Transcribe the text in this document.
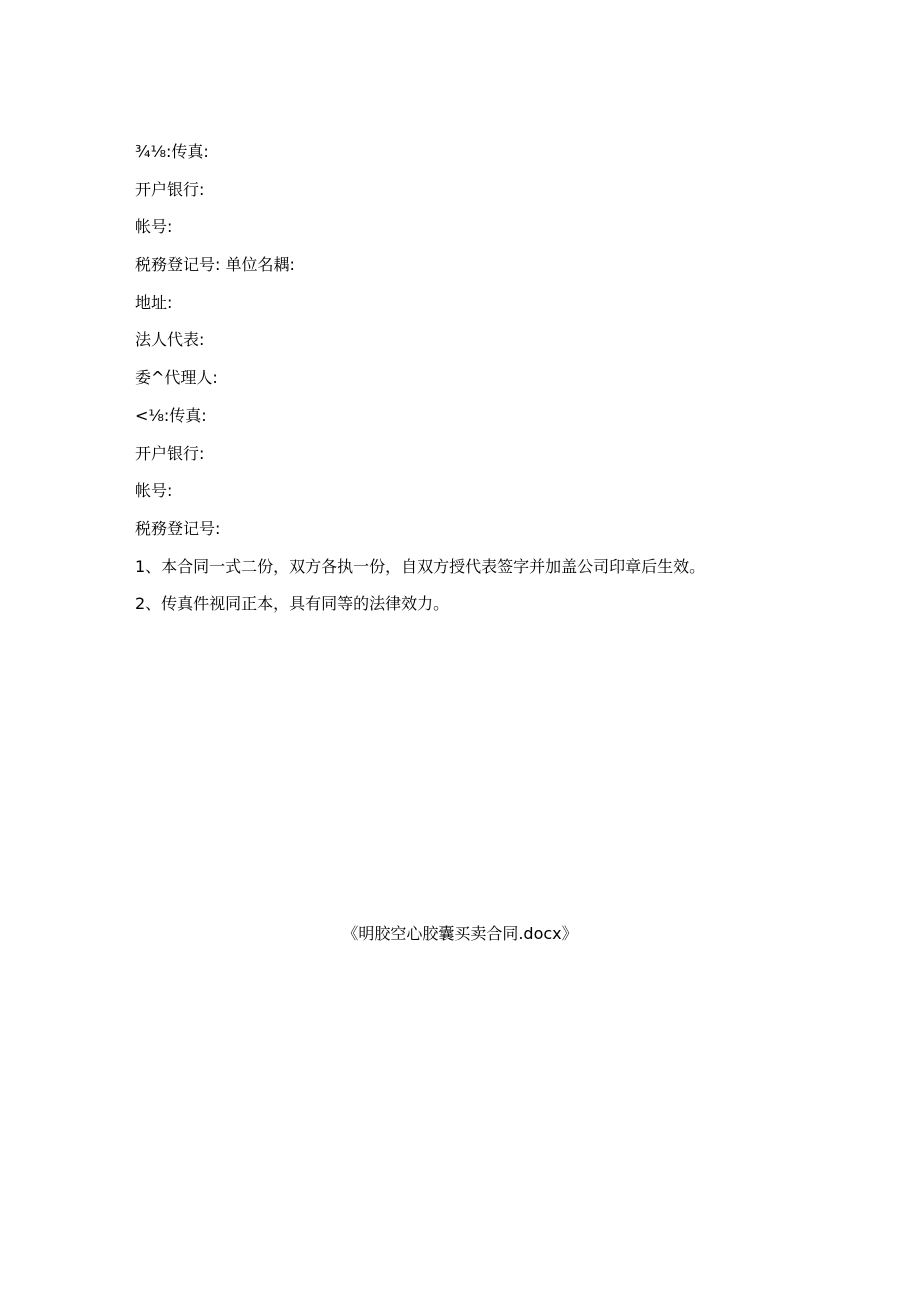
¾⅛:传真:
开户银行:
帐号:
税務登记号: 单位名耦:
地址:
法人代表:
委^代理人:
<⅛:传真:
开户银行:
帐号:
税務登记号:
1、本合同一式二份，双方各执一份，自双方授代表签字并加盖公司印章后生效。
2、传真件视同正本，具有同等的法律效力。
《明胶空心胶囊买卖合同.docx》
